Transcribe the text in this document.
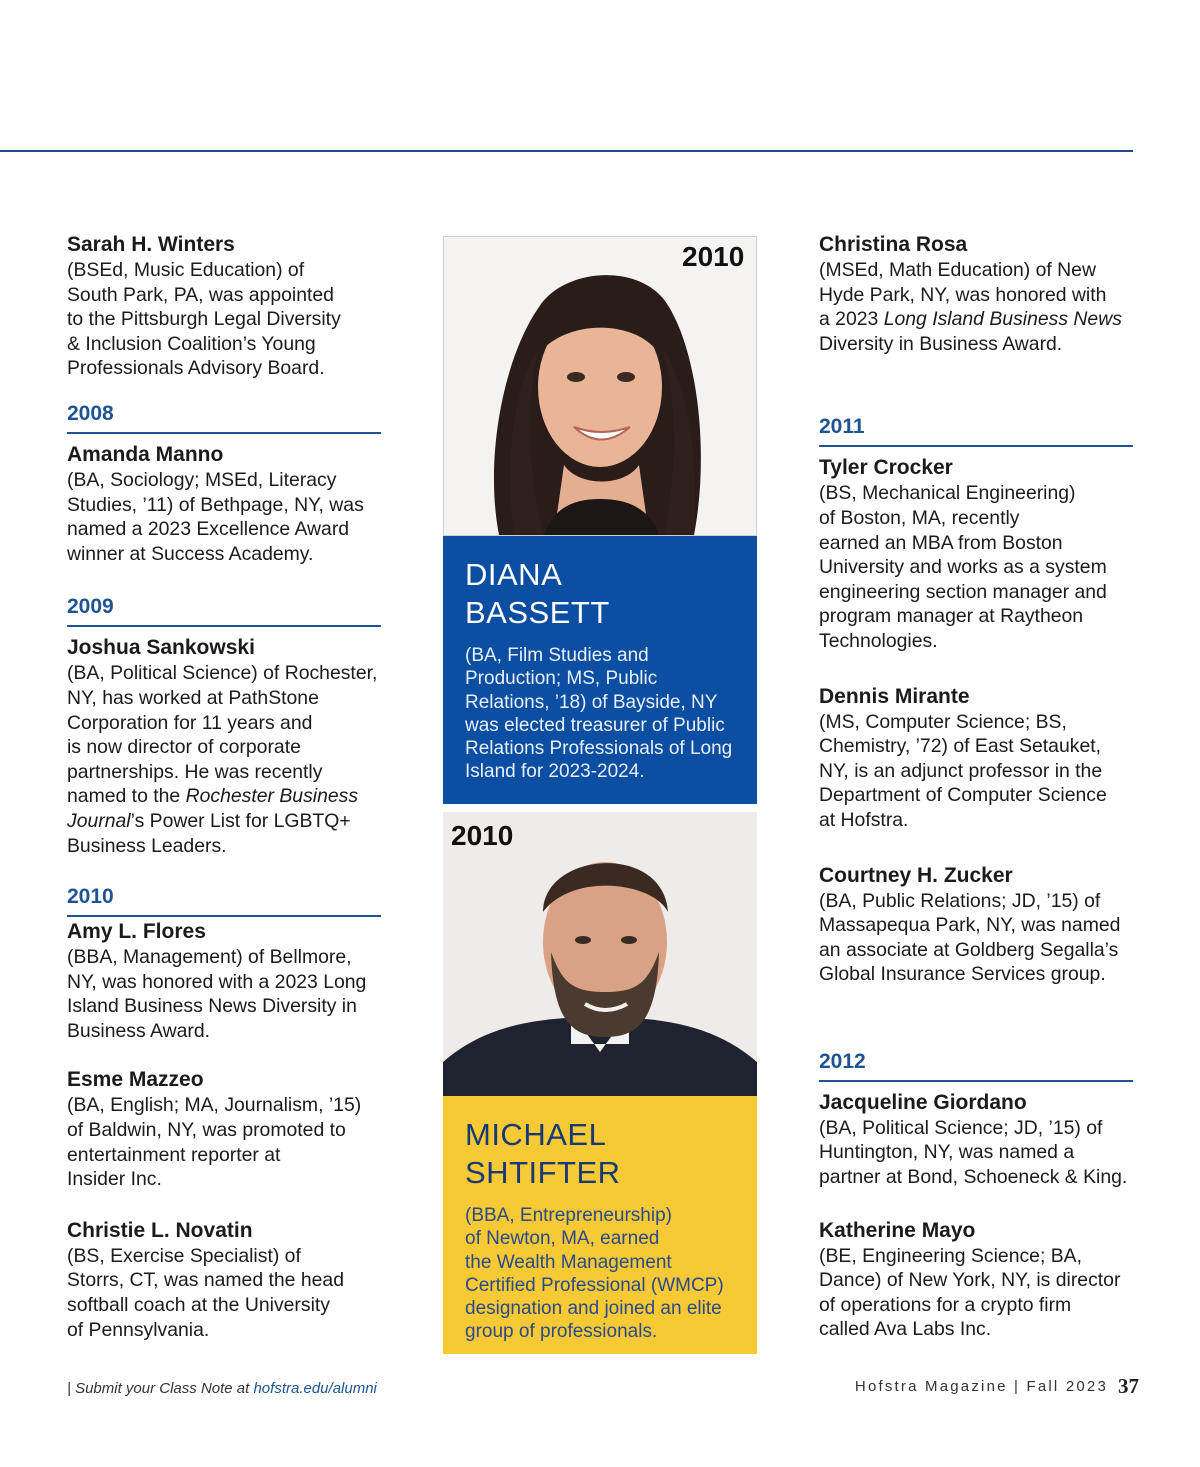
Sarah H. Winters

(BSEd, Music Education) of
South Park, PA, was appointed
to the Pittsburgh Legal Diversity
& Inclusion Coalition’s Young
Professionals Advisory Board.

2008

Amanda Manno

(BA, Sociology; MSEd, Literacy
Studies, ’11) of Bethpage, NY, was
named a 2023 Excellence Award
winner at Success Academy.

2009

Joshua Sankowski

(BA, Political Science) of Rochester,
NY, has worked at PathStone
Corporation for 11 years and
is now director of corporate
partnerships. He was recently
named to the Rochester Business
Journal’s Power List for LGBTQ+
Business Leaders.

2010

Amy L. Flores

(BBA, Management) of Bellmore,
NY, was honored with a 2023 Long
Island Business News Diversity in
Business Award.

Esme Mazzeo

(BA, English; MA, Journalism, ’15)
of Baldwin, NY, was promoted to
entertainment reporter at
Insider Inc.

Christie L. Novatin

(BS, Exercise Specialist) of
Storrs, CT, was named the head
softball coach at the University
of Pennsylvania.

2010

DIANA
BASSETT

(BA, Film Studies and
Production; MS, Public
Relations, ’18) of Bayside, NY
was elected treasurer of Public
Relations Professionals of Long
Island for 2023-2024.

2010

MICHAEL
SHTIFTER

(BBA, Entrepreneurship)
of Newton, MA, earned
the Wealth Management
Certified Professional (WMCP)
designation and joined an elite
group of professionals.

Christina Rosa

(MSEd, Math Education) of New
Hyde Park, NY, was honored with
a 2023 Long Island Business News
Diversity in Business Award.

2011

Tyler Crocker

(BS, Mechanical Engineering)
of Boston, MA, recently
earned an MBA from Boston
University and works as a system
engineering section manager and
program manager at Raytheon
Technologies.

Dennis Mirante

(MS, Computer Science; BS,
Chemistry, ’72) of East Setauket,
NY, is an adjunct professor in the
Department of Computer Science
at Hofstra.

Courtney H. Zucker

(BA, Public Relations; JD, ’15) of
Massapequa Park, NY, was named
an associate at Goldberg Segalla’s
Global Insurance Services group.

2012

Jacqueline Giordano

(BA, Political Science; JD, ’15) of
Huntington, NY, was named a
partner at Bond, Schoeneck & King.

Katherine Mayo

(BE, Engineering Science; BA,
Dance) of New York, NY, is director
of operations for a crypto firm
called Ava Labs Inc.

| Submit your Class Note at hofstra.edu/alumni	Hofstra Magazine | Fall 2023 37
